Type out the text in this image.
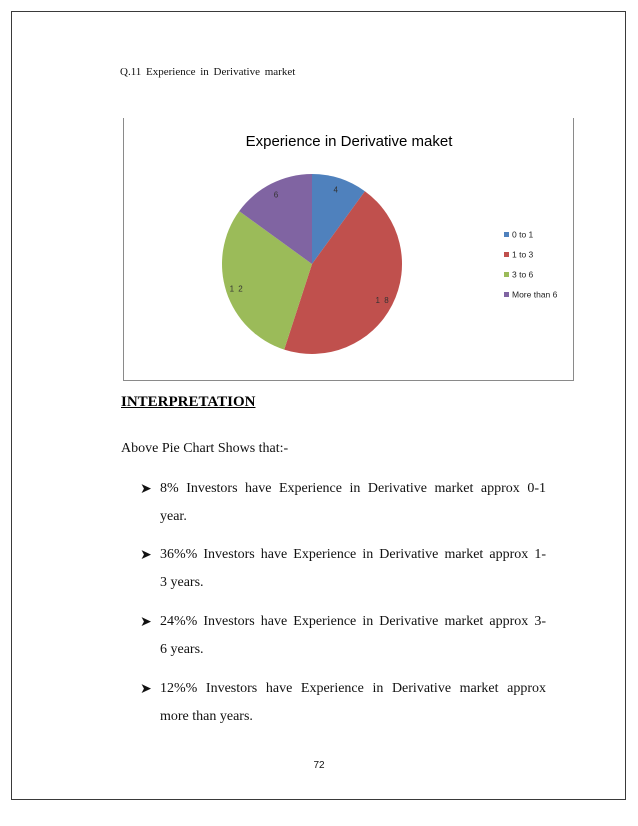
Q.11 Experience in Derivative market
Experience in Derivative maket
4
1 8
1 2
6
0 to 1
1 to 3
3 to 6
More than 6
INTERPRETATION
Above Pie Chart Shows that:-
➤ 8% Investors have Experience in Derivative market approx 0-1
year.
➤ 36%% Investors have Experience in Derivative market approx 1-
3 years.
➤ 24%% Investors have Experience in Derivative market approx 3-
6 years.
➤ 12%% Investors have Experience in Derivative market approx
more than years.
72
